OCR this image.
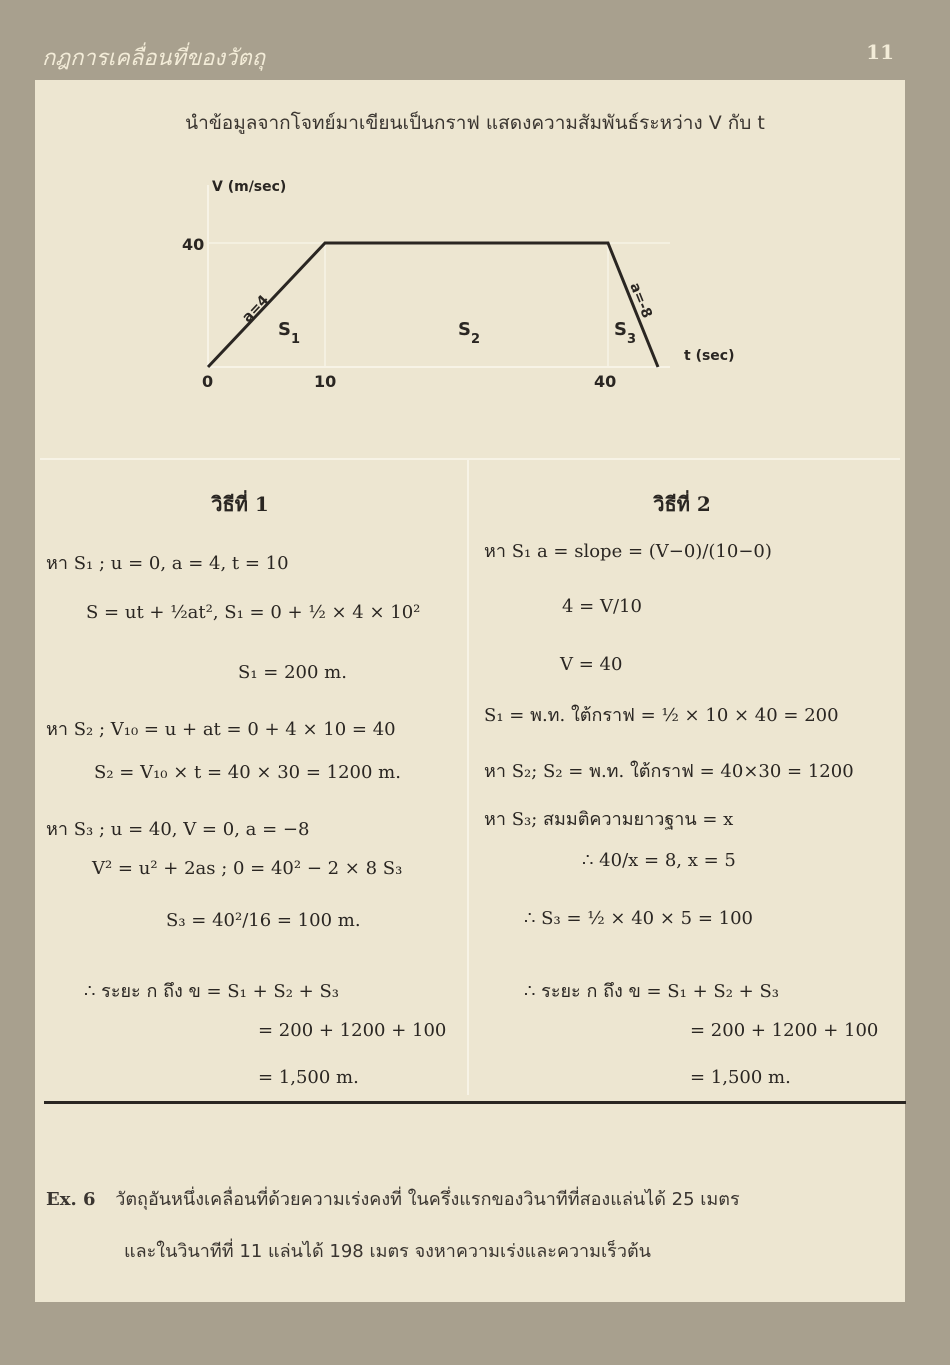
กฎการเคลื่อนที่ของวัตถุ	11
นำข้อมูลจากโจทย์มาเขียนเป็นกราฟ แสดงความสัมพันธ์ระหว่าง V กับ t
V (m/sec)
t (sec)
40
0	10	40
a=4	a=-8
$S_1$	$S_2$	$S_3$
วิธีที่ 1
หา S₁ ; u = 0, a = 4, t = 10
S = ut + ½at², S₁ = 0 + ½ × 4 × 10²
S₁ = 200 m.
หา S₂ ; V₁₀ = u + at = 0 + 4 × 10 = 40
S₂ = V₁₀ × t = 40 × 30 = 1200 m.
หา S₃ ; u = 40, V = 0, a = −8
V² = u² + 2as ; 0 = 40² − 2 × 8 S₃
S₃ = 40²/16 = 100 m.
∴ ระยะ ก ถึง ข = S₁ + S₂ + S₃
= 200 + 1200 + 100
= 1,500 m.
วิธีที่ 2
หา S₁ a = slope = (V−0)/(10−0)
4 = V/10
V = 40
S₁ = พ.ท. ใต้กราฟ = ½ × 10 × 40 = 200
หา S₂; S₂ = พ.ท. ใต้กราฟ = 40×30 = 1200
หา S₃; สมมติความยาวฐาน = x
∴ 40/x = 8, x = 5
∴ S₃ = ½ × 40 × 5 = 100
∴ ระยะ ก ถึง ข = S₁ + S₂ + S₃
= 200 + 1200 + 100
= 1,500 m.
Ex. 6 วัตถุอันหนึ่งเคลื่อนที่ด้วยความเร่งคงที่ ในครึ่งแรกของวินาทีที่สองแล่นได้ 25 เมตร
และในวินาทีที่ 11 แล่นได้ 198 เมตร จงหาความเร่งและความเร็วต้น
